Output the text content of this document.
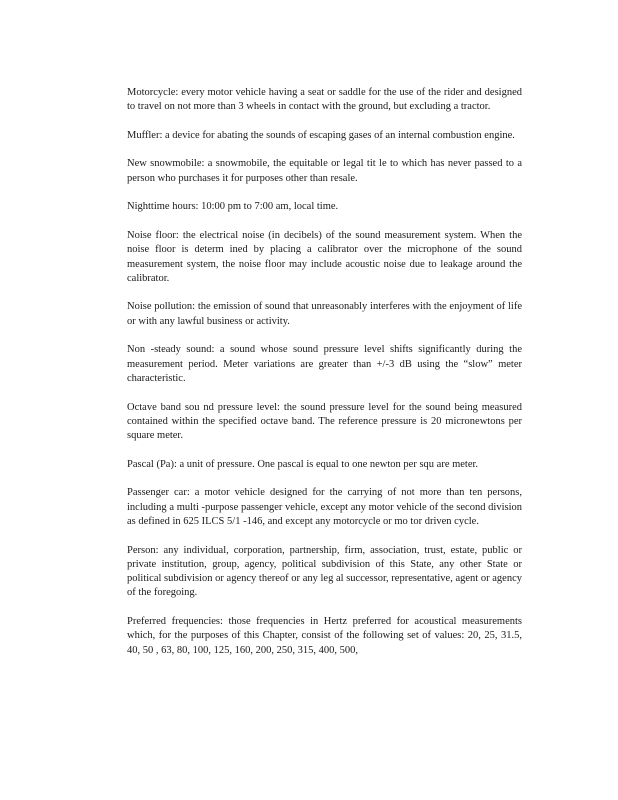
Motorcycle: every motor vehicle having a seat or saddle for the use of the rider and designed to travel on not more than 3 wheels in contact with the ground, but excluding a tractor.

Muffler: a device for abating the sounds of escaping gases of an internal combustion engine.

New snowmobile: a snowmobile, the equitable or legal tit le to which has never passed to a person who purchases it for purposes other than resale.

Nighttime hours: 10:00 pm to 7:00 am, local time.

Noise floor: the electrical noise (in decibels) of the sound measurement system. When the noise floor is determ ined by placing a calibrator over the microphone of the sound measurement system, the noise floor may include acoustic noise due to leakage around the calibrator.

Noise pollution: the emission of sound that unreasonably interferes with the enjoyment of life or with any lawful business or activity.

Non -steady sound: a sound whose sound pressure level shifts significantly during the measurement period. Meter variations are greater than +/-3 dB using the “slow” meter characteristic.

Octave band sou nd pressure level: the sound pressure level for the sound being measured contained within the specified octave band. The reference pressure is 20 micronewtons per square meter.

Pascal (Pa): a unit of pressure. One pascal is equal to one newton per squ are meter.

Passenger car: a motor vehicle designed for the carrying of not more than ten persons, including a multi -purpose passenger vehicle, except any motor vehicle of the second division as defined in 625 ILCS 5/1 -146, and except any motorcycle or mo tor driven cycle.

Person: any individual, corporation, partnership, firm, association, trust, estate, public or private institution, group, agency, political subdivision of this State, any other State or political subdivision or agency thereof or any leg al successor, representative, agent or agency of the foregoing.

Preferred frequencies: those frequencies in Hertz preferred for acoustical measurements which, for the purposes of this Chapter, consist of the following set of values: 20, 25, 31.5, 40, 50 , 63, 80, 100, 125, 160, 200, 250, 315, 400, 500,
